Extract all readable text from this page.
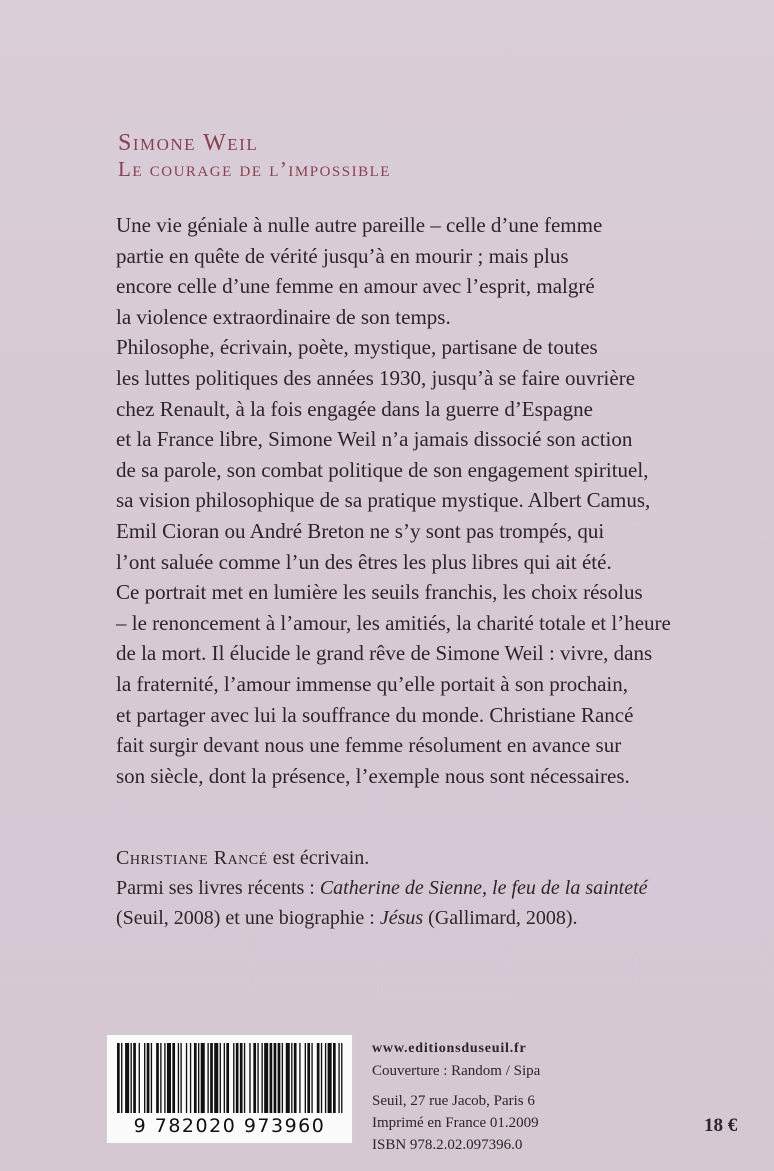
Simone Weil
Le courage de l’impossible
Une vie géniale à nulle autre pareille – celle d’une femme
partie en quête de vérité jusqu’à en mourir ; mais plus
encore celle d’une femme en amour avec l’esprit, malgré
la violence extraordinaire de son temps.
Philosophe, écrivain, poète, mystique, partisane de toutes
les luttes politiques des années 1930, jusqu’à se faire ouvrière
chez Renault, à la fois engagée dans la guerre d’Espagne
et la France libre, Simone Weil n’a jamais dissocié son action
de sa parole, son combat politique de son engagement spirituel,
sa vision philosophique de sa pratique mystique. Albert Camus,
Emil Cioran ou André Breton ne s’y sont pas trompés, qui
l’ont saluée comme l’un des êtres les plus libres qui ait été.
Ce portrait met en lumière les seuils franchis, les choix résolus
– le renoncement à l’amour, les amitiés, la charité totale et l’heure
de la mort. Il élucide le grand rêve de Simone Weil : vivre, dans
la fraternité, l’amour immense qu’elle portait à son prochain,
et partager avec lui la souffrance du monde. Christiane Rancé
fait surgir devant nous une femme résolument en avance sur
son siècle, dont la présence, l’exemple nous sont nécessaires.
Christiane Rancé est écrivain.
Parmi ses livres récents : Catherine de Sienne, le feu de la sainteté
(Seuil, 2008) et une biographie : Jésus (Gallimard, 2008).
9 782020 973960
www.editionsduseuil.fr
Couverture : Random / Sipa
Seuil, 27 rue Jacob, Paris 6
Imprimé en France 01.2009
ISBN 978.2.02.097396.0
18 €
